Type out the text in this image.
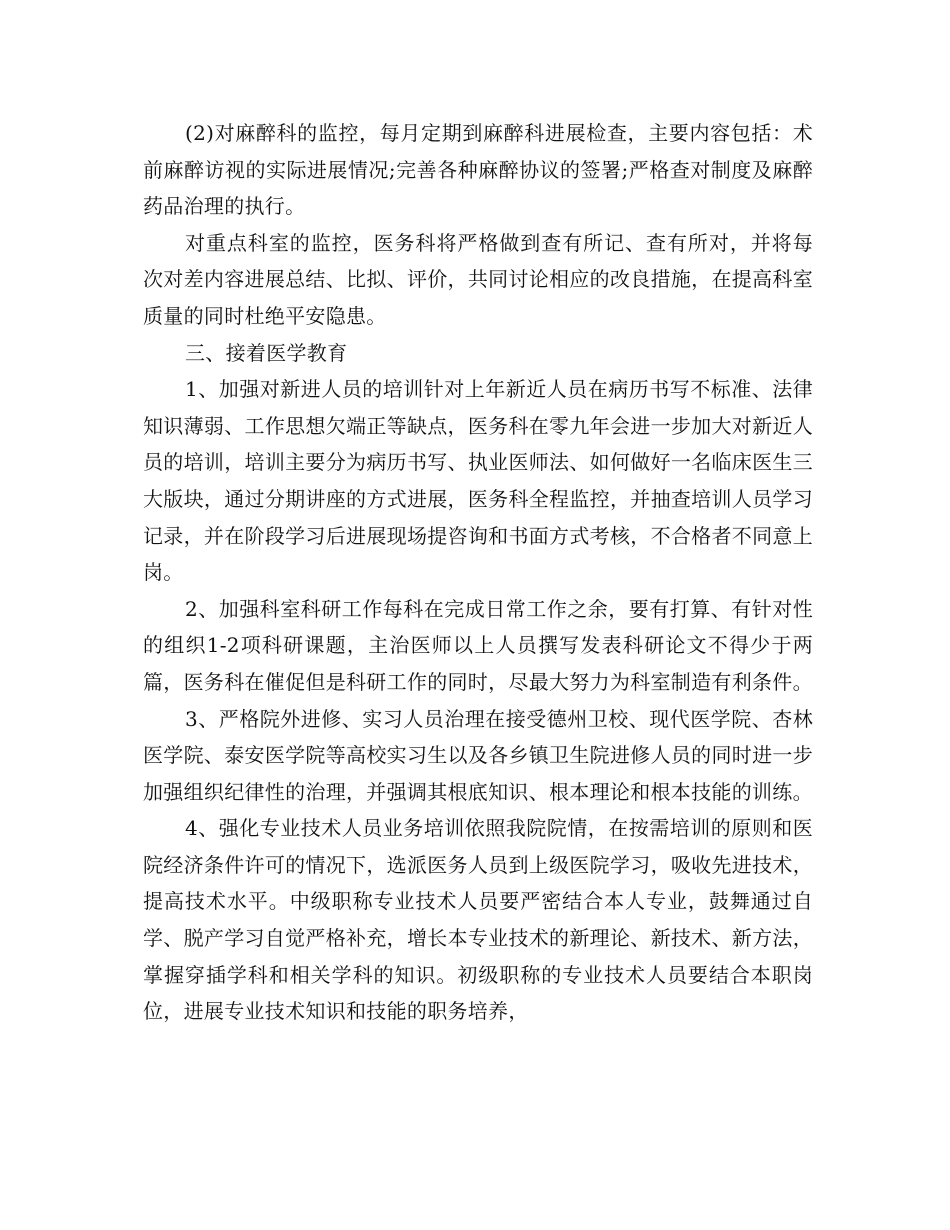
(2)对麻醉科的监控，每月定期到麻醉科进展检查，主要内容包括：术前麻醉访视的实际进展情况;完善各种麻醉协议的签署;严格查对制度及麻醉药品治理的执行。

对重点科室的监控，医务科将严格做到查有所记、查有所对，并将每次对差内容进展总结、比拟、评价，共同讨论相应的改良措施，在提高科室质量的同时杜绝平安隐患。

三、接着医学教育

1、加强对新进人员的培训针对上年新近人员在病历书写不标准、法律知识薄弱、工作思想欠端正等缺点，医务科在零九年会进一步加大对新近人员的培训，培训主要分为病历书写、执业医师法、如何做好一名临床医生三大版块，通过分期讲座的方式进展，医务科全程监控，并抽查培训人员学习记录，并在阶段学习后进展现场提咨询和书面方式考核，不合格者不同意上岗。

2、加强科室科研工作每科在完成日常工作之余，要有打算、有针对性的组织1-2项科研课题，主治医师以上人员撰写发表科研论文不得少于两篇，医务科在催促但是科研工作的同时，尽最大努力为科室制造有利条件。

3、严格院外进修、实习人员治理在接受德州卫校、现代医学院、杏林医学院、泰安医学院等高校实习生以及各乡镇卫生院进修人员的同时进一步加强组织纪律性的治理，并强调其根底知识、根本理论和根本技能的训练。

4、强化专业技术人员业务培训依照我院院情，在按需培训的原则和医院经济条件许可的情况下，选派医务人员到上级医院学习，吸收先进技术，提高技术水平。中级职称专业技术人员要严密结合本人专业，鼓舞通过自学、脱产学习自觉严格补充，增长本专业技术的新理论、新技术、新方法，掌握穿插学科和相关学科的知识。初级职称的专业技术人员要结合本职岗位，进展专业技术知识和技能的职务培养，
